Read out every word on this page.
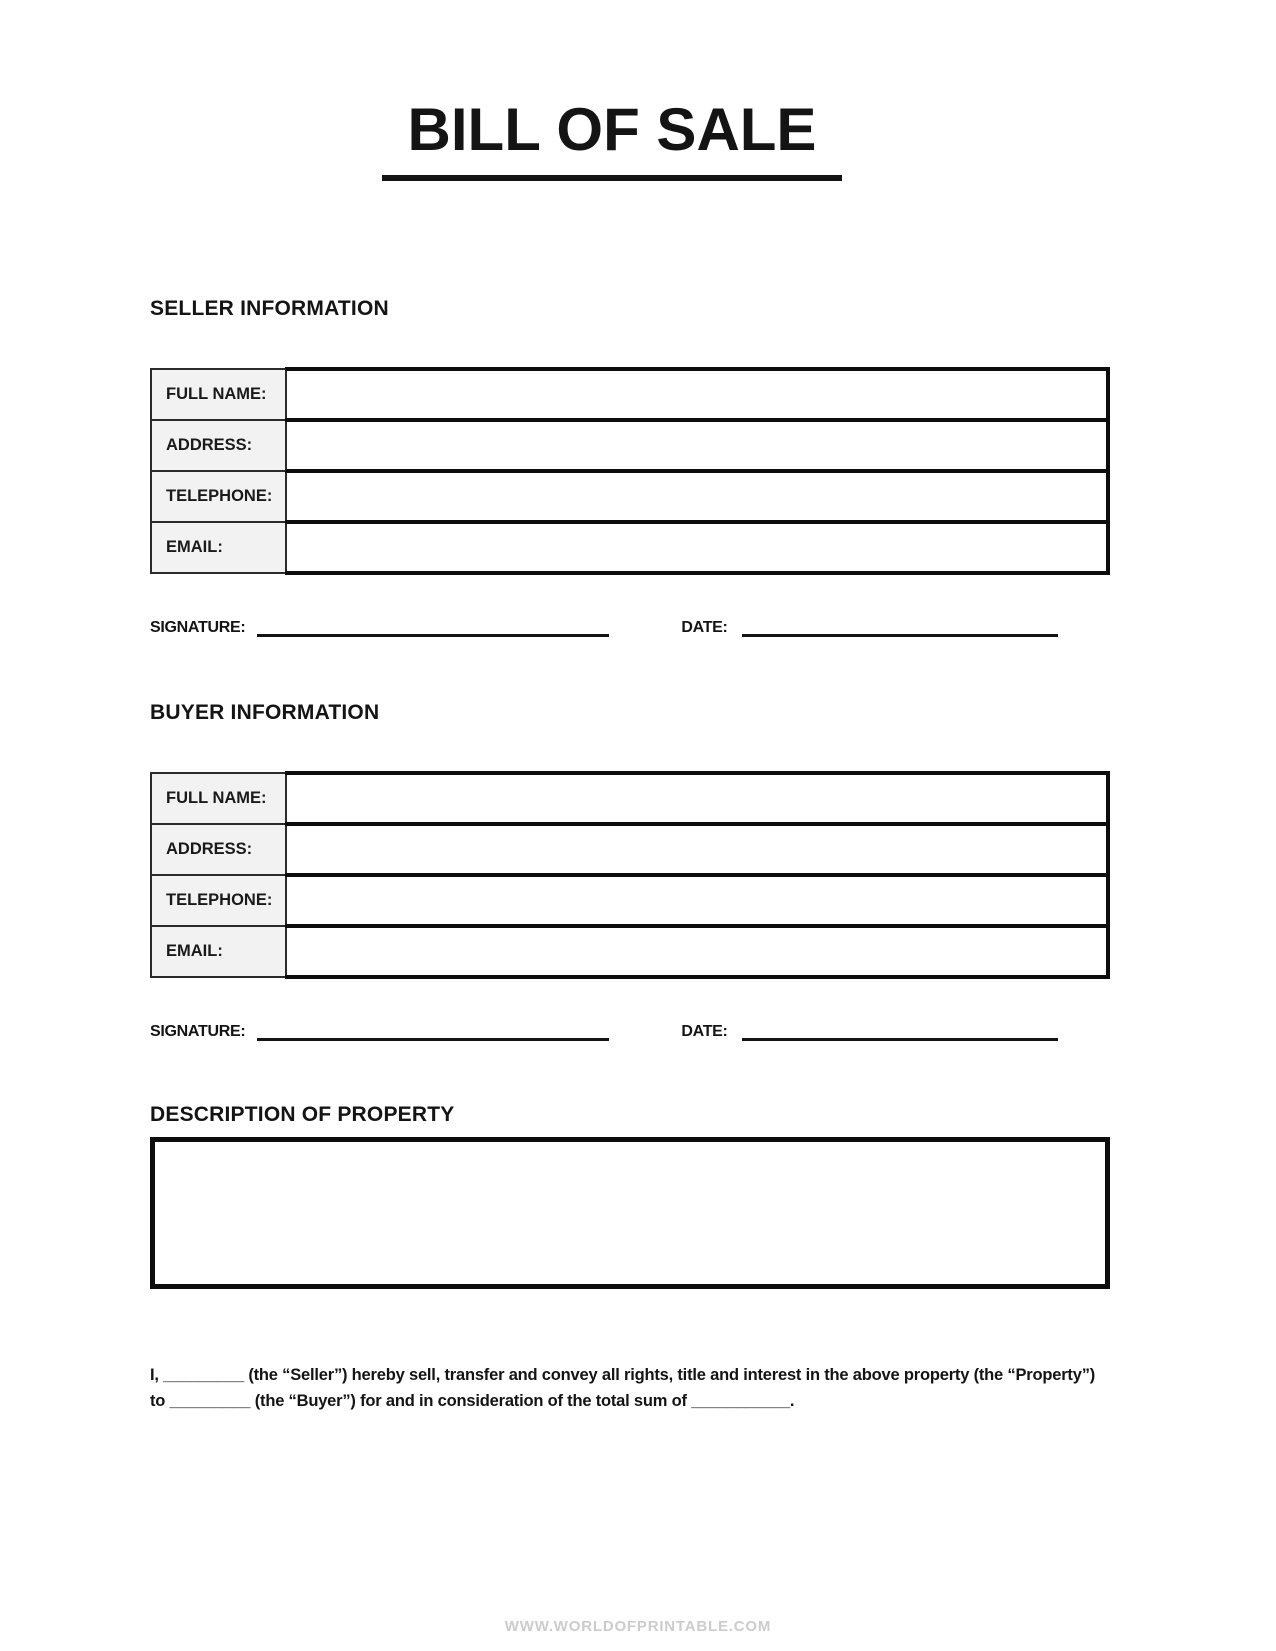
BILL OF SALE
SELLER INFORMATION
FULL NAME:	
ADDRESS:	
TELEPHONE:	
EMAIL:	
SIGNATURE:	DATE:
BUYER INFORMATION
FULL NAME:	
ADDRESS:	
TELEPHONE:	
EMAIL:	
SIGNATURE:	DATE:
DESCRIPTION OF PROPERTY

I, _________ (the “Seller”) hereby sell, transfer and convey all rights, title and interest in the above property (the “Property”) to _________ (the “Buyer”) for and in consideration of the total sum of ___________.

WWW.WORLDOFPRINTABLE.COM
